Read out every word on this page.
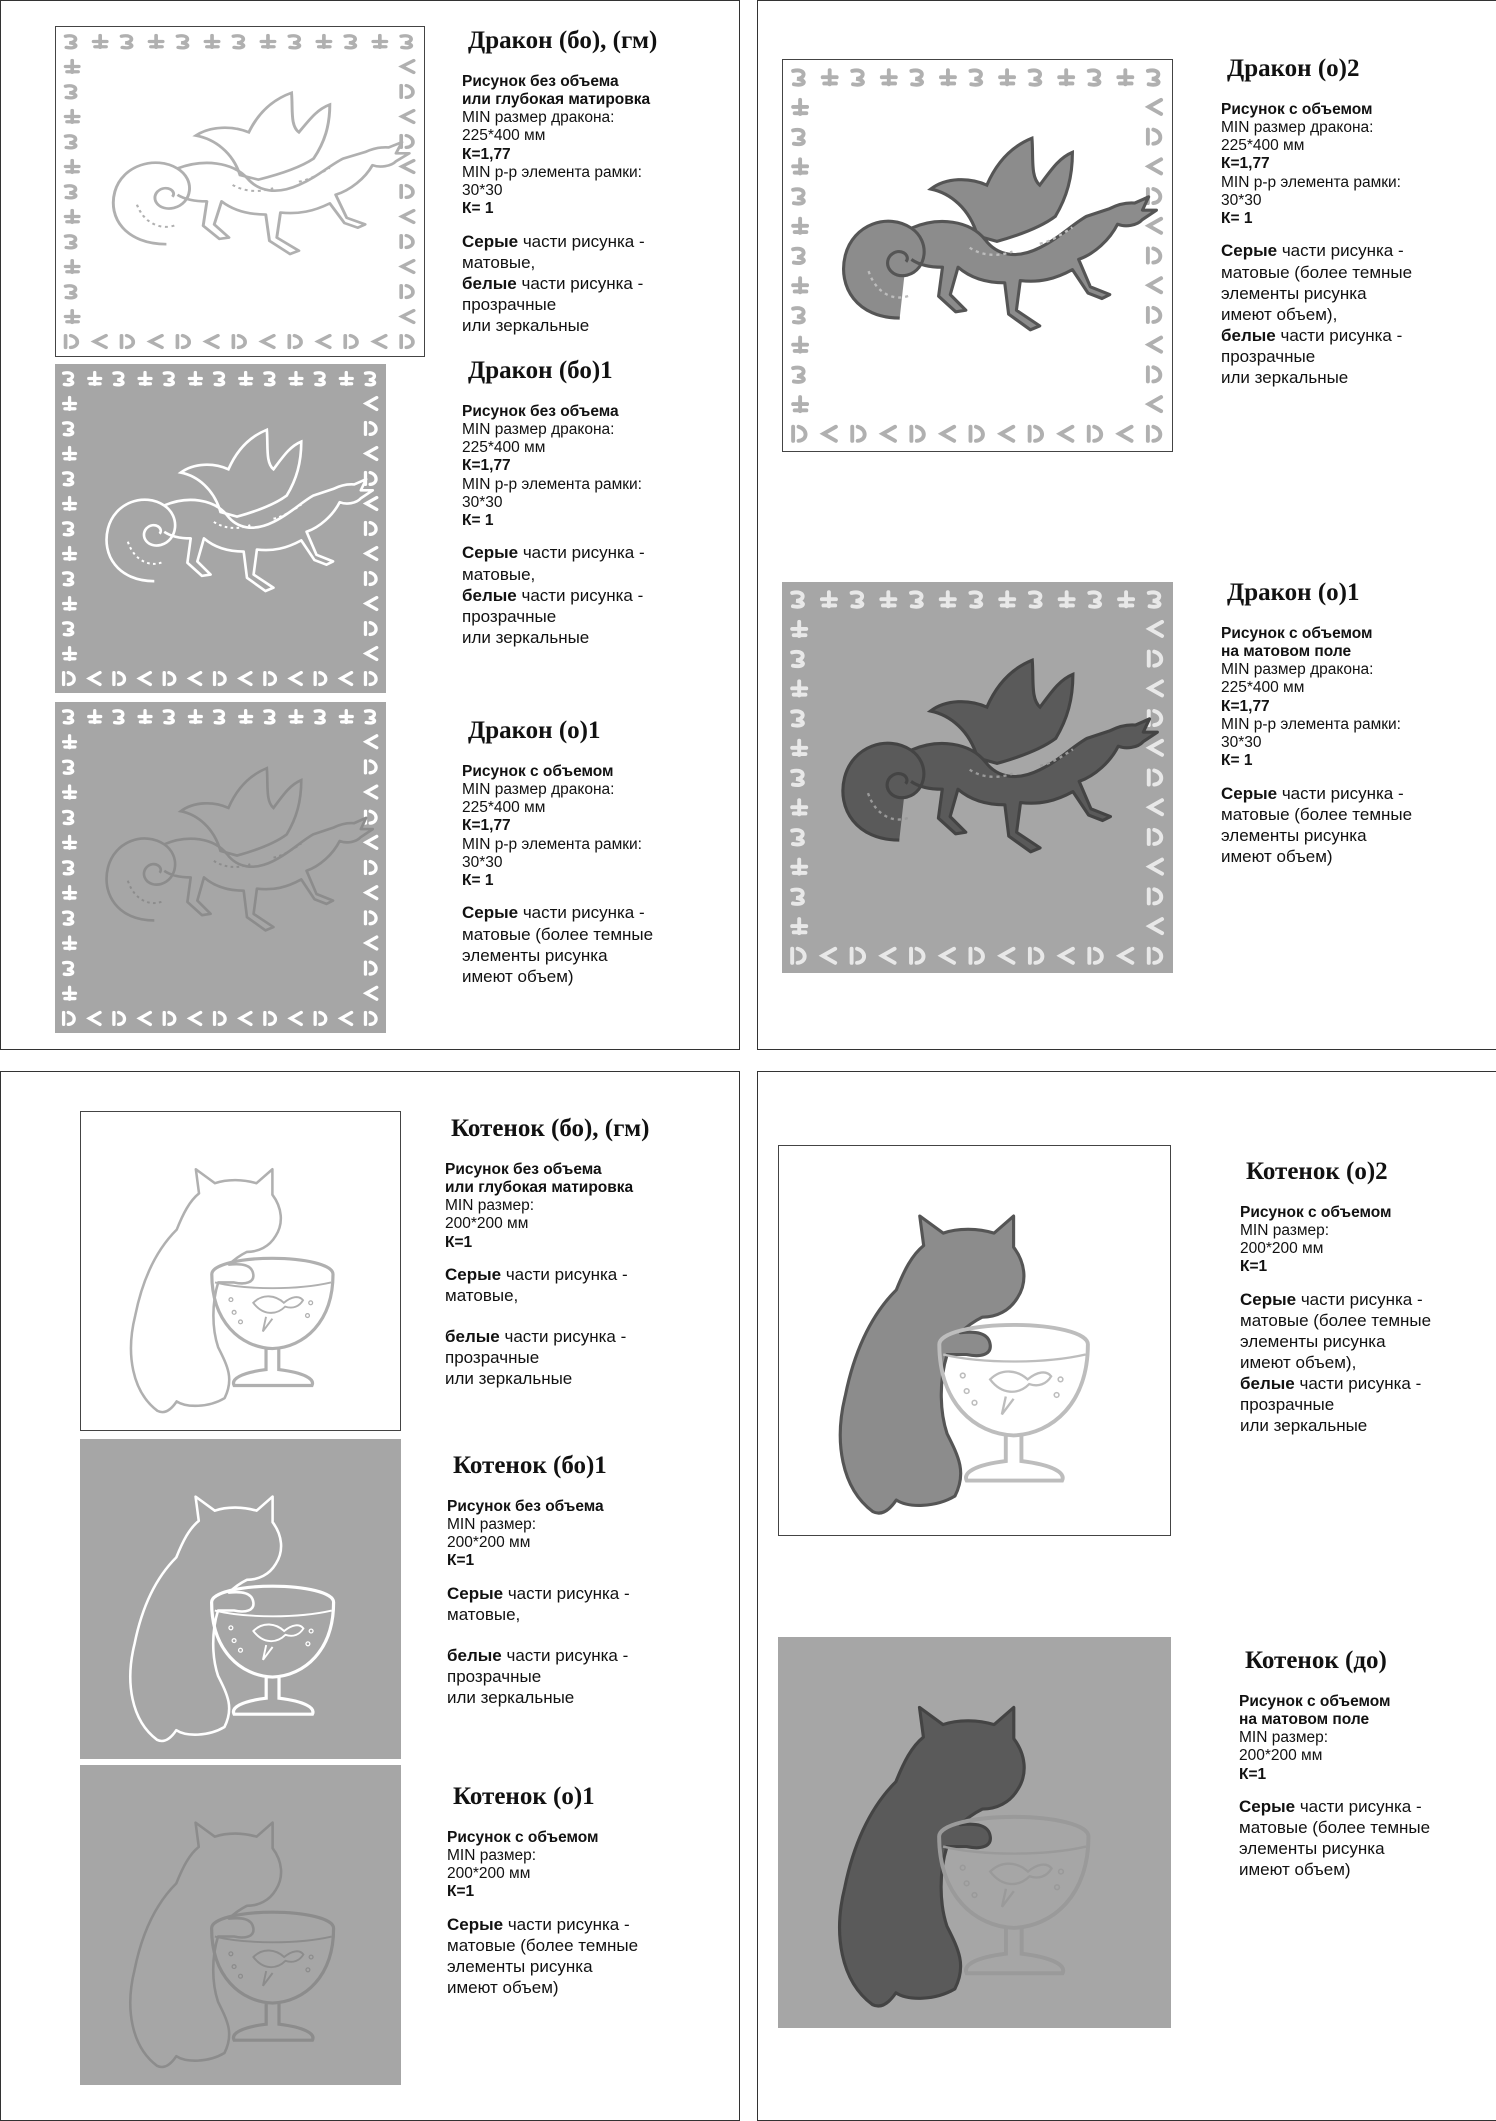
Дракон (бо), (гм)
Рисунок без объема
или глубокая матировка
MIN размер дракона:
225*400 мм
К=1,77
MIN р-р элемента рамки:
30*30
К= 1
Серые части рисунка -
матовые,
белые части рисунка -
прозрачные
или зеркальные
Дракон (бо)1
Рисунок без объема
MIN размер дракона:
225*400 мм
К=1,77
MIN р-р элемента рамки:
30*30
К= 1
Серые части рисунка -
матовые,
белые части рисунка -
прозрачные
или зеркальные
Дракон (о)1
Рисунок с объемом
MIN размер дракона:
225*400 мм
К=1,77
MIN р-р элемента рамки:
30*30
К= 1
Серые части рисунка -
матовые (более темные
элементы рисунка
имеют объем)
Дракон (о)2
Рисунок с объемом
MIN размер дракона:
225*400 мм
К=1,77
MIN р-р элемента рамки:
30*30
К= 1
Серые части рисунка -
матовые (более темные
элементы рисунка
имеют объем),
белые части рисунка -
прозрачные
или зеркальные
Дракон (о)1
Рисунок с объемом
на матовом поле
MIN размер дракона:
225*400 мм
К=1,77
MIN р-р элемента рамки:
30*30
К= 1
Серые части рисунка -
матовые (более темные
элементы рисунка
имеют объем)
Котенок (бо), (гм)
Рисунок без объема
или глубокая матировка
MIN размер:
200*200 мм
К=1
Серые части рисунка -
матовые,
белые части рисунка -
прозрачные
или зеркальные
Котенок (бо)1
Рисунок без объема
MIN размер:
200*200 мм
К=1
Серые части рисунка -
матовые,
белые части рисунка -
прозрачные
или зеркальные
Котенок (о)1
Рисунок с объемом
MIN размер:
200*200 мм
К=1
Серые части рисунка -
матовые (более темные
элементы рисунка
имеют объем)
Котенок (о)2
Рисунок с объемом
MIN размер:
200*200 мм
К=1
Серые части рисунка -
матовые (более темные
элементы рисунка
имеют объем),
белые части рисунка -
прозрачные
или зеркальные
Котенок (до)
Рисунок с объемом
на матовом поле
MIN размер:
200*200 мм
К=1
Серые части рисунка -
матовые (более темные
элементы рисунка
имеют объем)
